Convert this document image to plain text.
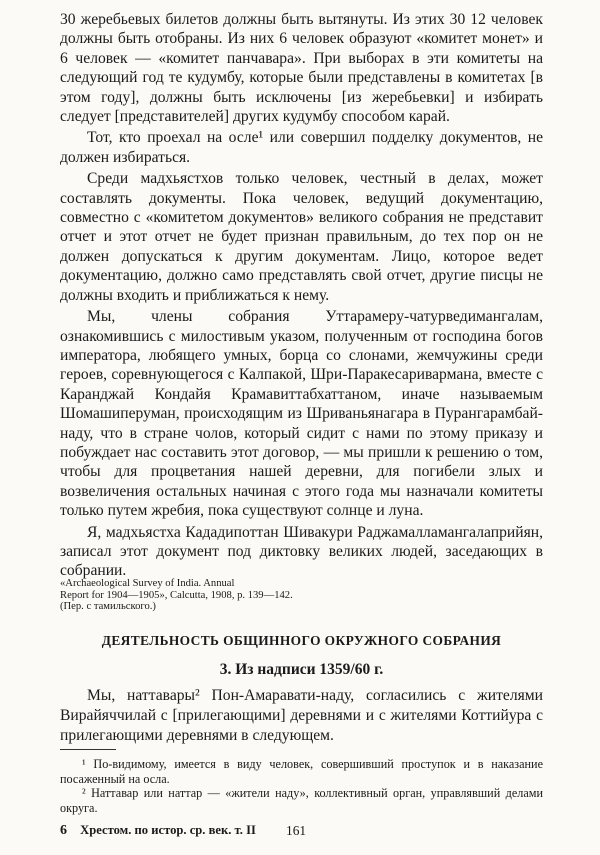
30 жеребьевых билетов должны быть вытянуты. Из этих 30 12 человек должны быть отобраны. Из них 6 человек образуют «комитет монет» и 6 человек — «комитет панчавара». При выборах в эти комитеты на следующий год те кудумбу, которые были представлены в комитетах [в этом году], должны быть исключены [из жеребьевки] и избирать следует [представителей] других кудумбу способом карай.

Тот, кто проехал на осле¹ или совершил подделку документов, не должен избираться.

Среди мадхьястхов только человек, честный в делах, может составлять документы. Пока человек, ведущий документацию, совместно с «комитетом документов» великого собрания не представит отчет и этот отчет не будет признан правильным, до тех пор он не должен допускаться к другим документам. Лицо, которое ведет документацию, должно само представлять свой отчет, другие писцы не должны входить и приближаться к нему.

Мы, члены собрания Уттарамеру-чатурведимангалам, ознакомившись с милостивым указом, полученным от господина богов императора, любящего умных, борца со слонами, жемчужины среди героев, соревнующегося с Калпакой, Шри-Паракесаривармана, вместе с Каранджай Кондайя Крамавиттабхаттаном, иначе называемым Шомашиперуман, происходящим из Шриваньянагара в Пурангарамбай-наду, что в стране чолов, который сидит с нами по этому приказу и побуждает нас составить этот договор, — мы пришли к решению о том, чтобы для процветания нашей деревни, для погибели злых и возвеличения остальных начиная с этого года мы назначали комитеты только путем жребия, пока существуют солнце и луна.

Я, мадхьястха Кададипоттан Шивакури Раджамалламангалаприйян, записал этот документ под диктовку великих людей, заседающих в собрании.

«Archaeological Survey of India. Annual
Report for 1904—1905», Calcutta, 1908, p. 139—142.
(Пер. с тамильского.)
ДЕЯТЕЛЬНОСТЬ ОБЩИННОГО ОКРУЖНОГО СОБРАНИЯ
3. Из надписи 1359/60 г.

Мы, наттавары² Пон-Амаравати-наду, согласились с жителями Вирайяччилай с [прилегающими] деревнями и с жителями Коттийура с прилегающими деревнями в следующем.

¹ По-видимому, имеется в виду человек, совершивший проступок и в наказание посаженный на осла.

² Наттавар или наттар — «жители наду», коллективный орган, управлявший делами округа.

6 Хрестом. по истор. ср. век. т. II 161
